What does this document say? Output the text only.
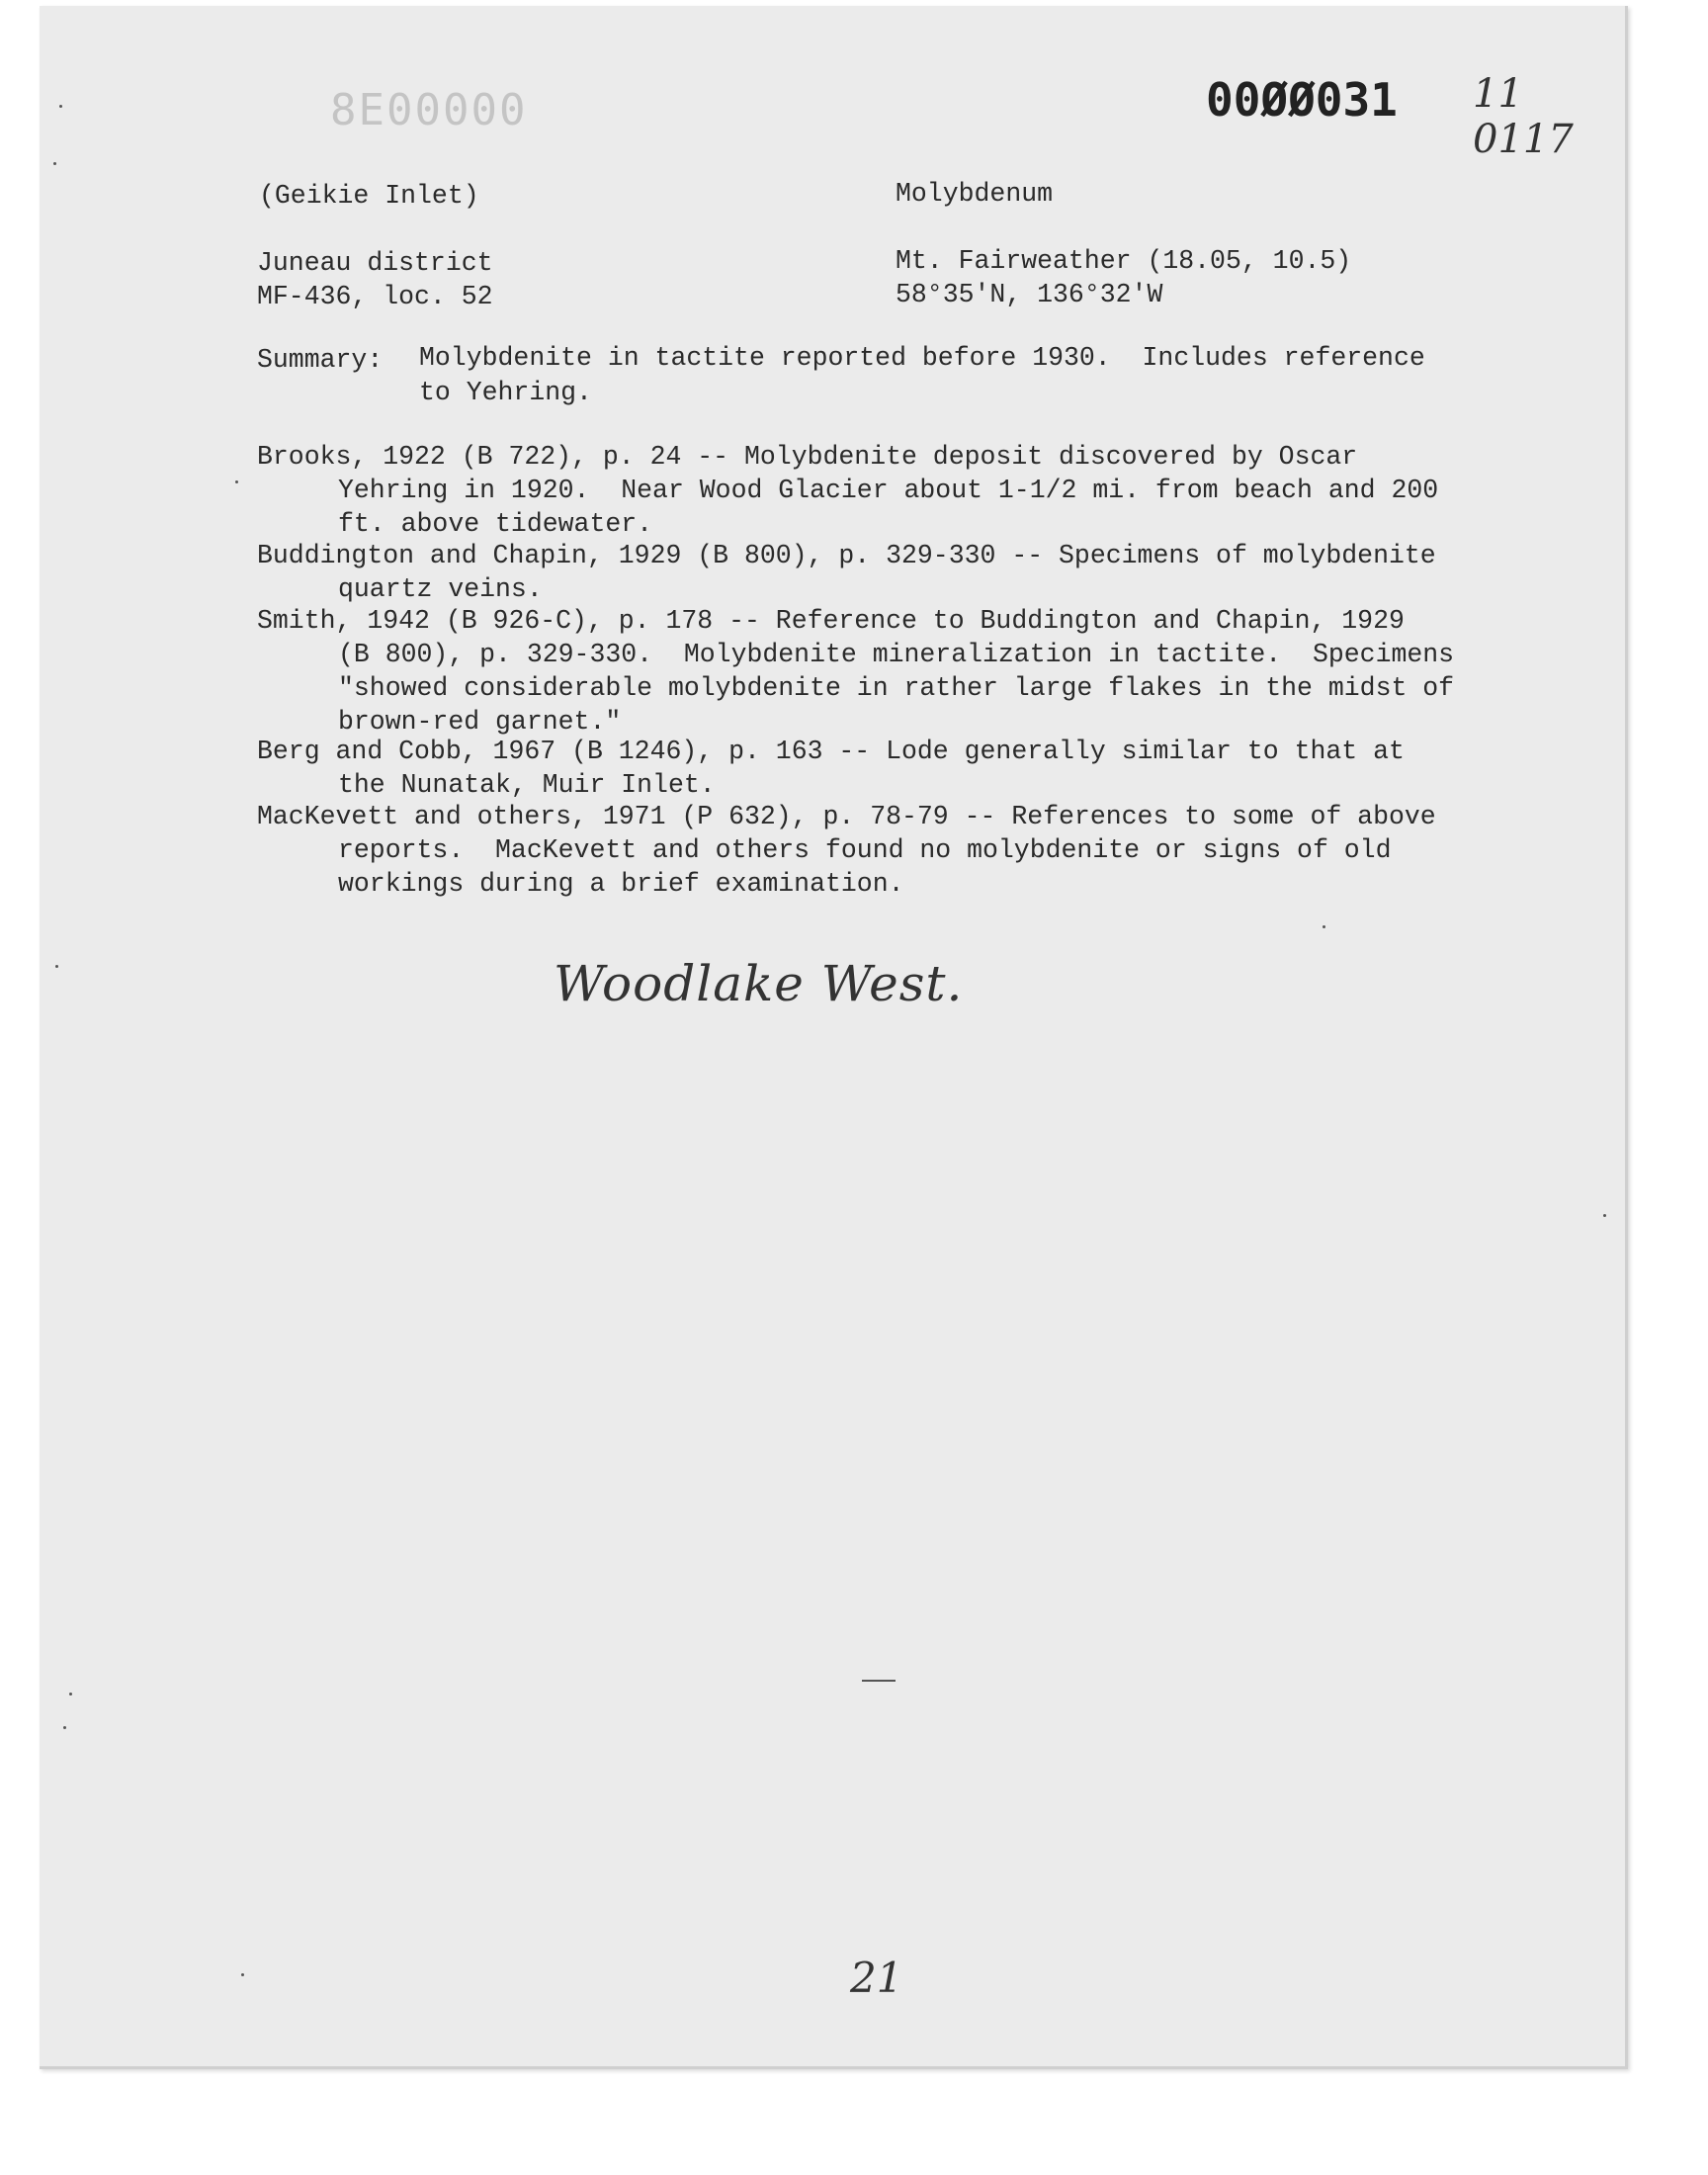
8E00000	00ØØ031 11 0117

(Geikie Inlet)	Molybdenum

Juneau district

MF-436, loc. 52

Mt. Fairweather (18.05, 10.5)

58°35'N, 136°32'W

Summary: Molybdenite in tactite reported before 1930.  Includes reference

to Yehring.

Brooks, 1922 (B 722), p. 24 -- Molybdenite deposit discovered by Oscar

Yehring in 1920.  Near Wood Glacier about 1-1/2 mi. from beach and 200

ft. above tidewater.

Buddington and Chapin, 1929 (B 800), p. 329-330 -- Specimens of molybdenite

quartz veins.

Smith, 1942 (B 926-C), p. 178 -- Reference to Buddington and Chapin, 1929

(B 800), p. 329-330.  Molybdenite mineralization in tactite.  Specimens

"showed considerable molybdenite in rather large flakes in the midst of

brown-red garnet."

Berg and Cobb, 1967 (B 1246), p. 163 -- Lode generally similar to that at

the Nunatak, Muir Inlet.

MacKevett and others, 1971 (P 632), p. 78-79 -- References to some of above

reports.  MacKevett and others found no molybdenite or signs of old

workings during a brief examination.

Woodlake West.
21
